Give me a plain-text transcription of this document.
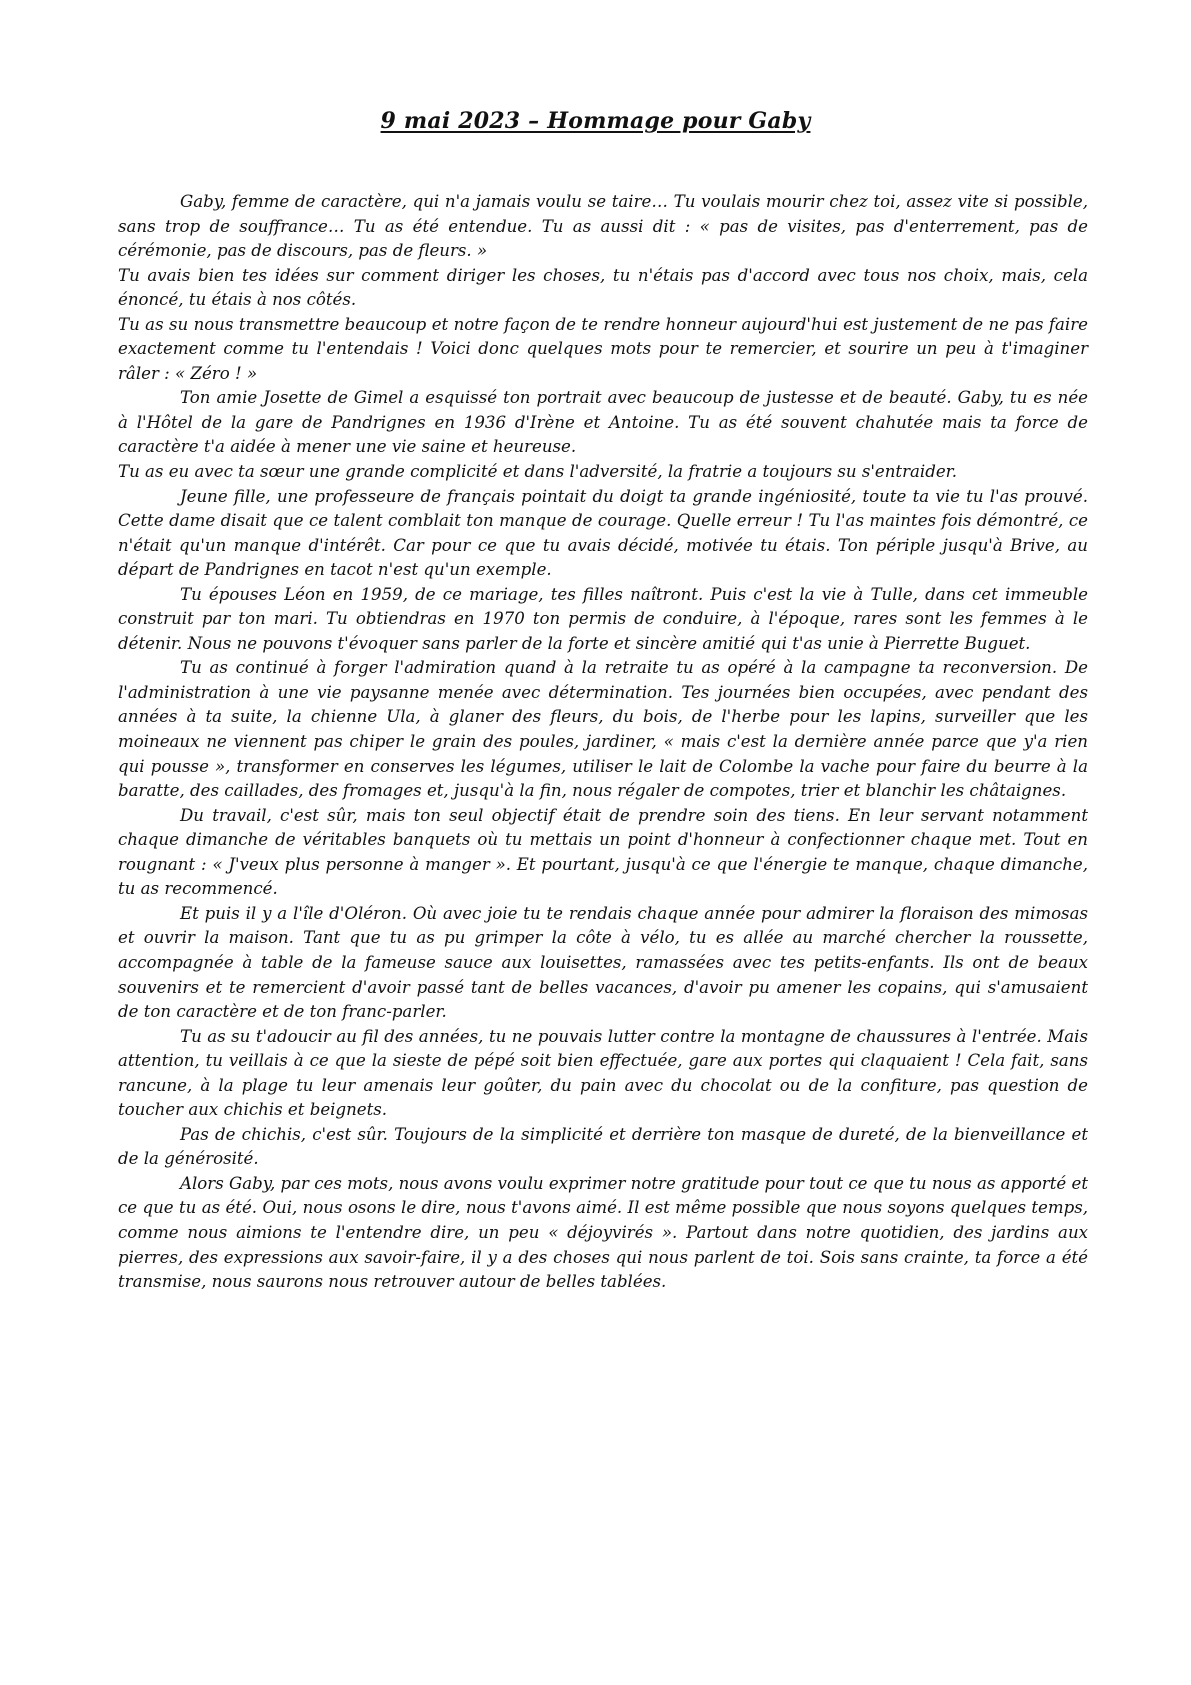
9 mai 2023 – Hommage pour Gaby

Gaby, femme de caractère, qui n'a jamais voulu se taire… Tu voulais mourir chez toi, assez vite si possible, sans trop de souffrance… Tu as été entendue. Tu as aussi dit : « pas de visites, pas d'enterrement, pas de cérémonie, pas de discours, pas de fleurs. »

Tu avais bien tes idées sur comment diriger les choses, tu n'étais pas d'accord avec tous nos choix, mais, cela énoncé, tu étais à nos côtés.

Tu as su nous transmettre beaucoup et notre façon de te rendre honneur aujourd'hui est justement de ne pas faire exactement comme tu l'entendais ! Voici donc quelques mots pour te remercier, et sourire un peu à t'imaginer râler : « Zéro ! »

Ton amie Josette de Gimel a esquissé ton portrait avec beaucoup de justesse et de beauté. Gaby, tu es née à l'Hôtel de la gare de Pandrignes en 1936 d'Irène et Antoine. Tu as été souvent chahutée mais ta force de caractère t'a aidée à mener une vie saine et heureuse.

Tu as eu avec ta sœur une grande complicité et dans l'adversité, la fratrie a toujours su s'entraider.

Jeune fille, une professeure de français pointait du doigt ta grande ingéniosité, toute ta vie tu l'as prouvé. Cette dame disait que ce talent comblait ton manque de courage. Quelle erreur ! Tu l'as maintes fois démontré, ce n'était qu'un manque d'intérêt. Car pour ce que tu avais décidé, motivée tu étais. Ton périple jusqu'à Brive, au départ de Pandrignes en tacot n'est qu'un exemple.

Tu épouses Léon en 1959, de ce mariage, tes filles naîtront. Puis c'est la vie à Tulle, dans cet immeuble construit par ton mari. Tu obtiendras en 1970 ton permis de conduire, à l'époque, rares sont les femmes à le détenir. Nous ne pouvons t'évoquer sans parler de la forte et sincère amitié qui t'as unie à Pierrette Buguet.

Tu as continué à forger l'admiration quand à la retraite tu as opéré à la campagne ta reconversion. De l'administration à une vie paysanne menée avec détermination. Tes journées bien occupées, avec pendant des années à ta suite, la chienne Ula, à glaner des fleurs, du bois, de l'herbe pour les lapins, surveiller que les moineaux ne viennent pas chiper le grain des poules, jardiner, « mais c'est la dernière année parce que y'a rien qui pousse », transformer en conserves les légumes, utiliser le lait de Colombe la vache pour faire du beurre à la baratte, des caillades, des fromages et, jusqu'à la fin, nous régaler de compotes, trier et blanchir les châtaignes.

Du travail, c'est sûr, mais ton seul objectif était de prendre soin des tiens. En leur servant notamment chaque dimanche de véritables banquets où tu mettais un point d'honneur à confectionner chaque met. Tout en rougnant : « J'veux plus personne à manger ». Et pourtant, jusqu'à ce que l'énergie te manque, chaque dimanche, tu as recommencé.

Et puis il y a l'île d'Oléron. Où avec joie tu te rendais chaque année pour admirer la floraison des mimosas et ouvrir la maison. Tant que tu as pu grimper la côte à vélo, tu es allée au marché chercher la roussette, accompagnée à table de la fameuse sauce aux louisettes, ramassées avec tes petits-enfants. Ils ont de beaux souvenirs et te remercient d'avoir passé tant de belles vacances, d'avoir pu amener les copains, qui s'amusaient de ton caractère et de ton franc-parler.

Tu as su t'adoucir au fil des années, tu ne pouvais lutter contre la montagne de chaussures à l'entrée. Mais attention, tu veillais à ce que la sieste de pépé soit bien effectuée, gare aux portes qui claquaient ! Cela fait, sans rancune, à la plage tu leur amenais leur goûter, du pain avec du chocolat ou de la confiture, pas question de toucher aux chichis et beignets.

Pas de chichis, c'est sûr. Toujours de la simplicité et derrière ton masque de dureté, de la bienveillance et de la générosité.

Alors Gaby, par ces mots, nous avons voulu exprimer notre gratitude pour tout ce que tu nous as apporté et ce que tu as été. Oui, nous osons le dire, nous t'avons aimé. Il est même possible que nous soyons quelques temps, comme nous aimions te l'entendre dire, un peu « déjoyvirés ». Partout dans notre quotidien, des jardins aux pierres, des expressions aux savoir-faire, il y a des choses qui nous parlent de toi. Sois sans crainte, ta force a été transmise, nous saurons nous retrouver autour de belles tablées.
